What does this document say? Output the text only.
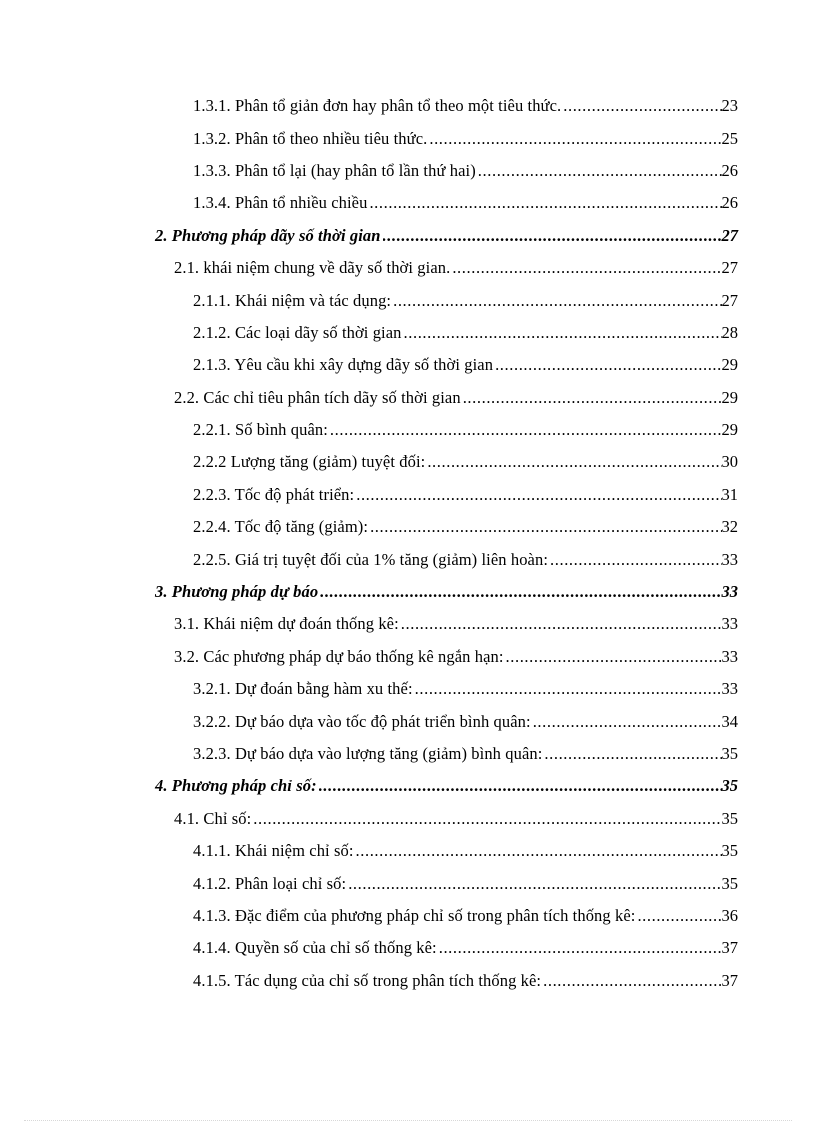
1.3.1. Phân tổ giản đơn hay phân tổ theo một tiêu thức. .....	23
1.3.2. Phân tổ theo nhiều tiêu thức. .....	25
1.3.3. Phân tổ lại (hay phân tổ lần thứ hai) .....	26
1.3.4. Phân tổ nhiều chiều .....	26
2. Phương pháp dãy số thời gian .....	27
2.1. khái niệm chung về dãy số thời gian. .....	27
2.1.1. Khái niệm và tác dụng: .....	27
2.1.2. Các loại dãy số thời gian .....	28
2.1.3. Yêu cầu khi xây dựng dãy số thời gian .....	29
2.2. Các chỉ tiêu phân tích dãy số thời gian .....	29
2.2.1. Số bình quân: .....	29
2.2.2 Lượng tăng (giảm) tuyệt đối: .....	30
2.2.3. Tốc độ phát triển: .....	31
2.2.4. Tốc độ tăng (giảm): .....	32
2.2.5. Giá trị tuyệt đối của 1% tăng (giảm) liên hoàn: .....	33
3. Phương pháp dự báo .....	33
3.1. Khái niệm dự đoán thống kê: .....	33
3.2. Các phương pháp dự báo thống kê ngắn hạn: .....	33
3.2.1. Dự đoán bằng hàm xu thế: .....	33
3.2.2. Dự báo dựa vào tốc độ phát triển bình quân: .....	34
3.2.3. Dự báo dựa vào lượng tăng (giảm) bình quân: .....	35
4. Phương pháp chỉ số: .....	35
4.1. Chỉ số: .....	35
4.1.1. Khái niệm chỉ số: .....	35
4.1.2. Phân loại chỉ số: .....	35
4.1.3. Đặc điểm của phương pháp chỉ số trong phân tích thống kê: .....	36
4.1.4. Quyền số của chỉ số thống kê: .....	37
4.1.5. Tác dụng của chỉ số trong phân tích thống kê: .....	37
